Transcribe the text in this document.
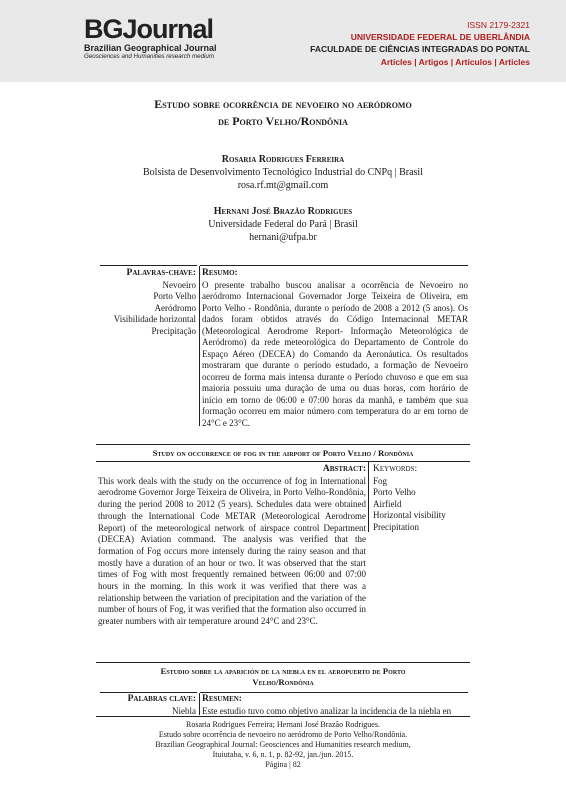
BGJournal
Brazilian Geographical Journal
Geosciences and Humanities research medium
ISSN 2179-2321
UNIVERSIDADE FEDERAL DE UBERLÂNDIA
FACULDADE DE CIÊNCIAS INTEGRADAS DO PONTAL
Articles | Artigos | Artículos | Articles
Estudo sobre ocorrência de nevoeiro no aeródromo
de Porto Velho/Rondônia
Rosaria Rodrigues Ferreira
Bolsista de Desenvolvimento Tecnológico Industrial do CNPq | Brasil
rosa.rf.mt@gmail.com
Hernani José Brazão Rodrigues
Universidade Federal do Pará | Brasil
hernani@ufpa.br
Palavras-chave:
Nevoeiro
Porto Velho
Aeródromo
Visibilidade horizontal
Precipitação
Resumo:
O presente trabalho buscou analisar a ocorrência de Nevoeiro no aeródromo Internacional Governador Jorge Teixeira de Oliveira, em Porto Velho - Rondônia, durante o período de 2008 a 2012 (5 anos). Os dados foram obtidos através do Código Internacional METAR (Meteorological Aerodrome Report- Informação Meteorológica de Aeródromo) da rede meteorológica do Departamento de Controle do Espaço Aéreo (DECEA) do Comando da Aeronáutica. Os resultados mostraram que durante o período estudado, a formação de Nevoeiro ocorreu de forma mais intensa durante o Período chuvoso e que em sua maioria possuiu uma duração de uma ou duas horas, com horário de início em torno de 06:00 e 07:00 horas da manhã, e também que sua formação ocorreu em maior número com temperatura do ar em torno de 24°C e 23°C.
Study on occurrence of fog in the airport of Porto Velho / Rondônia
Abstract:
This work deals with the study on the occurrence of fog in International aerodrome Governor Jorge Teixeira de Oliveira, in Porto Velho-Rondônia, during the period 2008 to 2012 (5 years). Schedules data were obtained through the International Code METAR (Meteorological Aerodrome Report) of the meteorological network of airspace control Department (DECEA) Aviation command. The analysis was verified that the formation of Fog occurs more intensely during the rainy season and that mostly have a duration of an hour or two. It was observed that the start times of Fog with most frequently remained between 06:00 and 07:00 hours in the morning. In this work it was verified that there was a relationship between the variation of precipitation and the variation of the number of hours of Fog, it was verified that the formation also occurred in greater numbers with air temperature around 24°C and 23°C.
Keywords:
Fog
Porto Velho
Airfield
Horizontal visibility
Precipitation
Estudio sobre la aparición de la niebla en el aeropuerto de Porto
Velho/Rondônia
Palabras clave:
Niebla
Resumen:
Este estudio tuvo como objetivo analizar la incidencia de la niebla en
Rosaria Rodrigues Ferreira; Hernani José Brazão Rodrigues.
Estudo sobre ocorrência de nevoeiro no aeródromo de Porto Velho/Rondônia.
Brazilian Geographical Journal: Geosciences and Humanities research medium,
Ituiutaba, v. 6, n. 1, p. 82-92, jan./jun. 2015.
Página | 82
